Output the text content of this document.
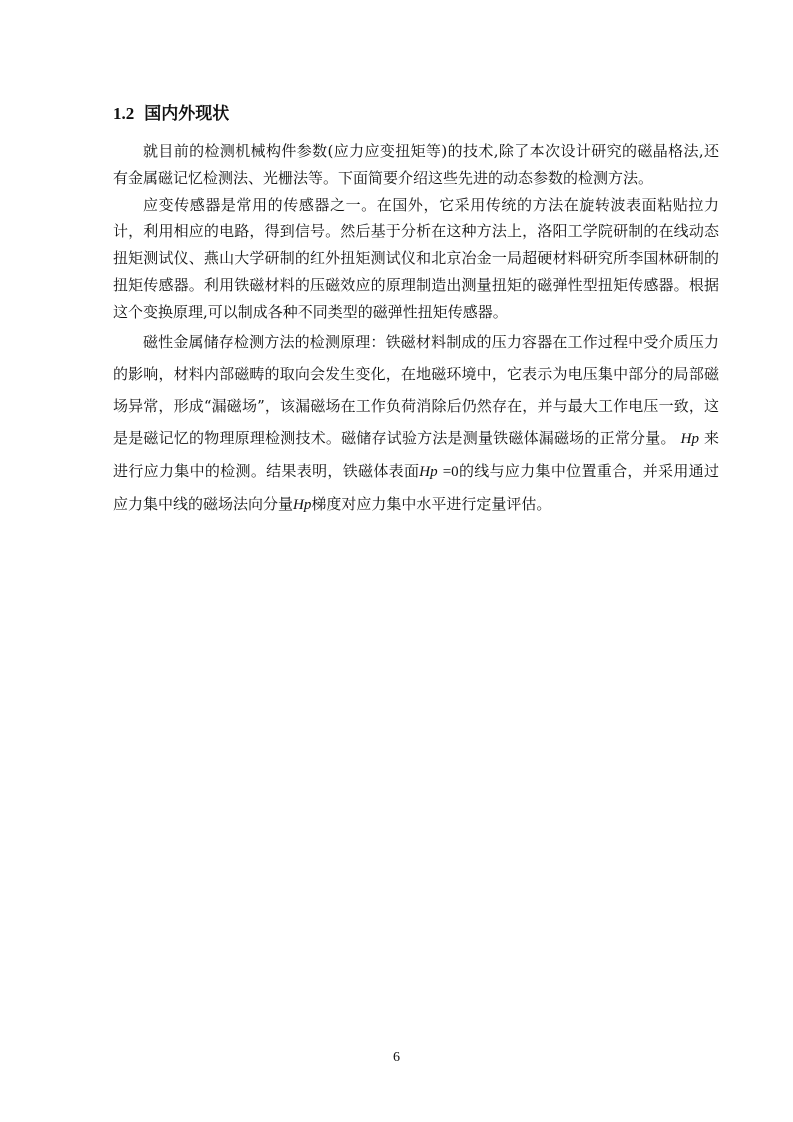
1.2 国内外现状

就目前的检测机械构件参数(应力应变扭矩等)的技术,除了本次设计研究的磁晶格法,还有金属磁记忆检测法、光栅法等。下面简要介绍这些先进的动态参数的检测方法。

应变传感器是常用的传感器之一。在国外，它采用传统的方法在旋转波表面粘贴拉力计，利用相应的电路，得到信号。然后基于分析在这种方法上，洛阳工学院研制的在线动态扭矩测试仪、燕山大学研制的红外扭矩测试仪和北京冶金一局超硬材料研究所李国林研制的扭矩传感器。利用铁磁材料的压磁效应的原理制造出测量扭矩的磁弹性型扭矩传感器。根据这个变换原理,可以制成各种不同类型的磁弹性扭矩传感器。

磁性金属储存检测方法的检测原理：铁磁材料制成的压力容器在工作过程中受介质压力的影响，材料内部磁畴的取向会发生变化，在地磁环境中，它表示为电压集中部分的局部磁场异常，形成“漏磁场”，该漏磁场在工作负荷消除后仍然存在，并与最大工作电压一致，这是是磁记忆的物理原理检测技术。磁储存试验方法是测量铁磁体漏磁场的正常分量。 Hp 来进行应力集中的检测。结果表明，铁磁体表面Hp =0的线与应力集中位置重合，并采用通过应力集中线的磁场法向分量Hp梯度对应力集中水平进行定量评估。

6
